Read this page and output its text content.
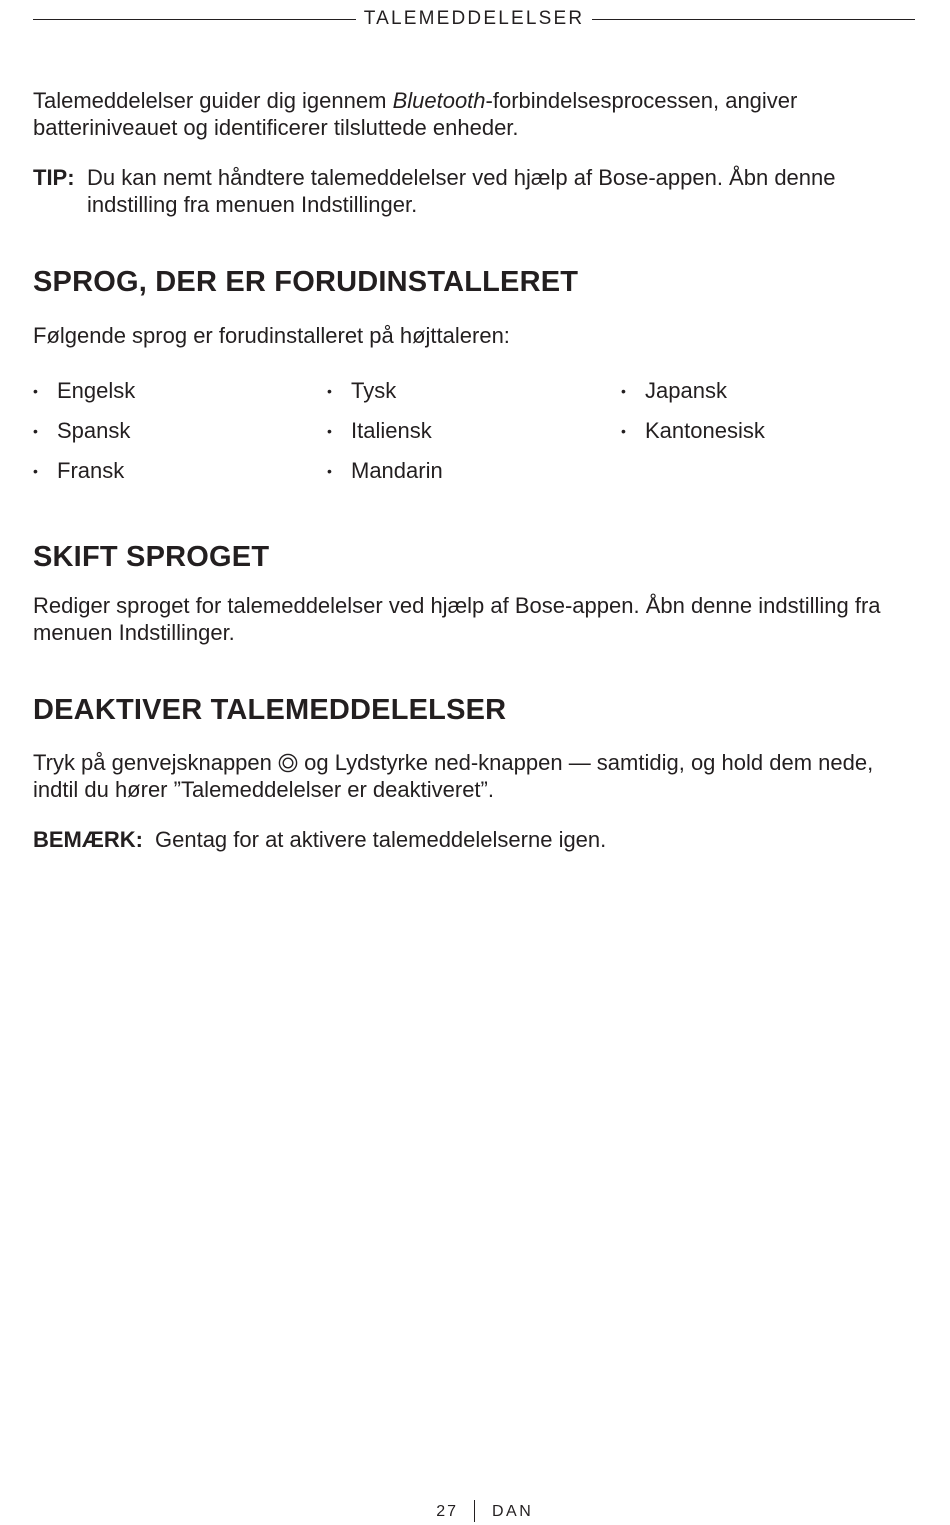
TALEMEDDELELSER

Talemeddelelser guider dig igennem Bluetooth-forbindelsesprocessen, angiver batteriniveauet og identificerer tilsluttede enheder.

TIP: Du kan nemt håndtere talemeddelelser ved hjælp af Bose-appen. Åbn denne indstilling fra menuen Indstillinger.
SPROG, DER ER FORUDINSTALLERET

Følgende sprog er forudinstalleret på højttaleren:

• Engelsk
• Spansk
• Fransk
• Tysk
• Italiensk
• Mandarin
• Japansk
• Kantonesisk
SKIFT SPROGET

Rediger sproget for talemeddelelser ved hjælp af Bose-appen. Åbn denne indstilling fra menuen Indstillinger.

DEAKTIVER TALEMEDDELELSER

Tryk på genvejsknappen  og Lydstyrke ned-knappen — samtidig, og hold dem nede, indtil du hører ”Talemeddelelser er deaktiveret”.

BEMÆRK: Gentag for at aktivere talemeddelelserne igen.
27 DAN
